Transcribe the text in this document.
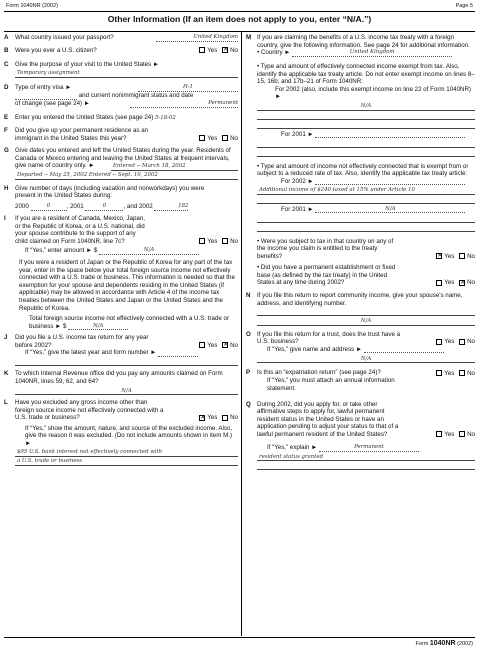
Form 1040NR (2002)	Page 5
Other Information (If an item does not apply to you, enter “N/A.”)
A What country issued your passport?	United Kingdom
B Were you ever a U.S. citizen?	Yes ✕ No
C Give the purpose of your visit to the United States ►
Temporary assignment
D Type of entry visa ►	H-1
and current nonimmigrant status and date
of change (see page 24) ►	Permanent
E Enter you entered the United States (see page 24) 5-18-02
F Did you give up your permanent residence as an immigrant in the United States this year?	Yes No
G Give dates you entered and left the United States during the year. Residents of Canada or Mexico entering and leaving the United States at frequent intervals, give name of country only. ►	Entered -- March 18, 2002
Departed -- May 25, 2002 Entered -- Sept. 10, 2002
H Give number of days (including vacation and nonworkdays) you were present in the United States during:
2000	0	, 2001	0	, and 2002	182
I If you are a resident of Canada, Mexico, Japan, or the Republic of Korea, or a U.S. national, did your spouse contribute to the support of any child claimed on Form 1040NR, line 7c?	Yes No
If “Yes,” enter amount ► $	N/A
If you were a resident of Japan or the Republic of Korea for any part of the tax year, enter in the space below your total foreign source income not effectively connected with a U.S. trade or business. This information is needed so that the exemption for your spouse and dependents residing in the United States (if applicable) may be allowed in accordance with Article 4 of the income tax treaties between the United States and Japan or the United States and the Republic of Korea.
Total foreign source income not effectively connected with a U.S. trade or business ► $	N/A
J Did you file a U.S. income tax return for any year before 2002?	Yes ✕ No
If “Yes,” give the latest year and form number ►
K To which Internal Revenue office did you pay any amounts claimed on Form 1040NR, lines 59, 62, and 64?
N/A
L Have you excluded any gross income other than foreign source income not effectively connected with a U.S. trade or business? ✕	Yes No
If “Yes,” show the amount, nature, and source of the excluded income. Also, give the reason it was excluded. (Do not include amounts shown in item M.) ►
$95 U.S. bank interest not effectively connected with
a U.S. trade or business
M If you are claiming the benefits of a U.S. income tax treaty with a foreign country, give the following information. See page 24 for additional information.
• Country ►	United Kingdom
• Type and amount of effectively connected income exempt from tax. Also, identify the applicable tax treaty article. Do not enter exempt income on lines 8–15, 16b, and 17b–21 of Form 1040NR:
For 2002 (also, include this exempt income on line 22 of Form 1040NR) ►
N/A
For 2001 ►
• Type and amount of income not effectively connected that is exempt from or subject to a reduced rate of tax. Also, identify the applicable tax treaty article:
For 2002 ►
Additional income of $240 taxed at 15% under Article 10
For 2001 ►	N/A
• Were you subject to tax in that country on any of the income you claim is entitled to the treaty benefits? ✕	Yes No
• Did you have a permanent establishment or fixed base (as defined by the tax treaty) in the United States at any time during 2002?	Yes ✕ No
N If you file this return to report community income, give your spouse's name, address, and identifying number.
N/A
O If you file this return for a trust, does the trust have a U.S. business?	Yes No
If “Yes,” give name and address ►
N/A
P Is this an “expatriation return” (see page 24)?	Yes No
If “Yes,” you must attach an annual information statement.
Q During 2002, did you apply for, or take other affirmative steps to apply for, lawful permanent resident status in the United States or have an application pending to adjust your status to that of a lawful permanent resident of the United States?	Yes No
If “Yes,” explain ►	Permanent
resident status granted
Form 1040NR (2002)
